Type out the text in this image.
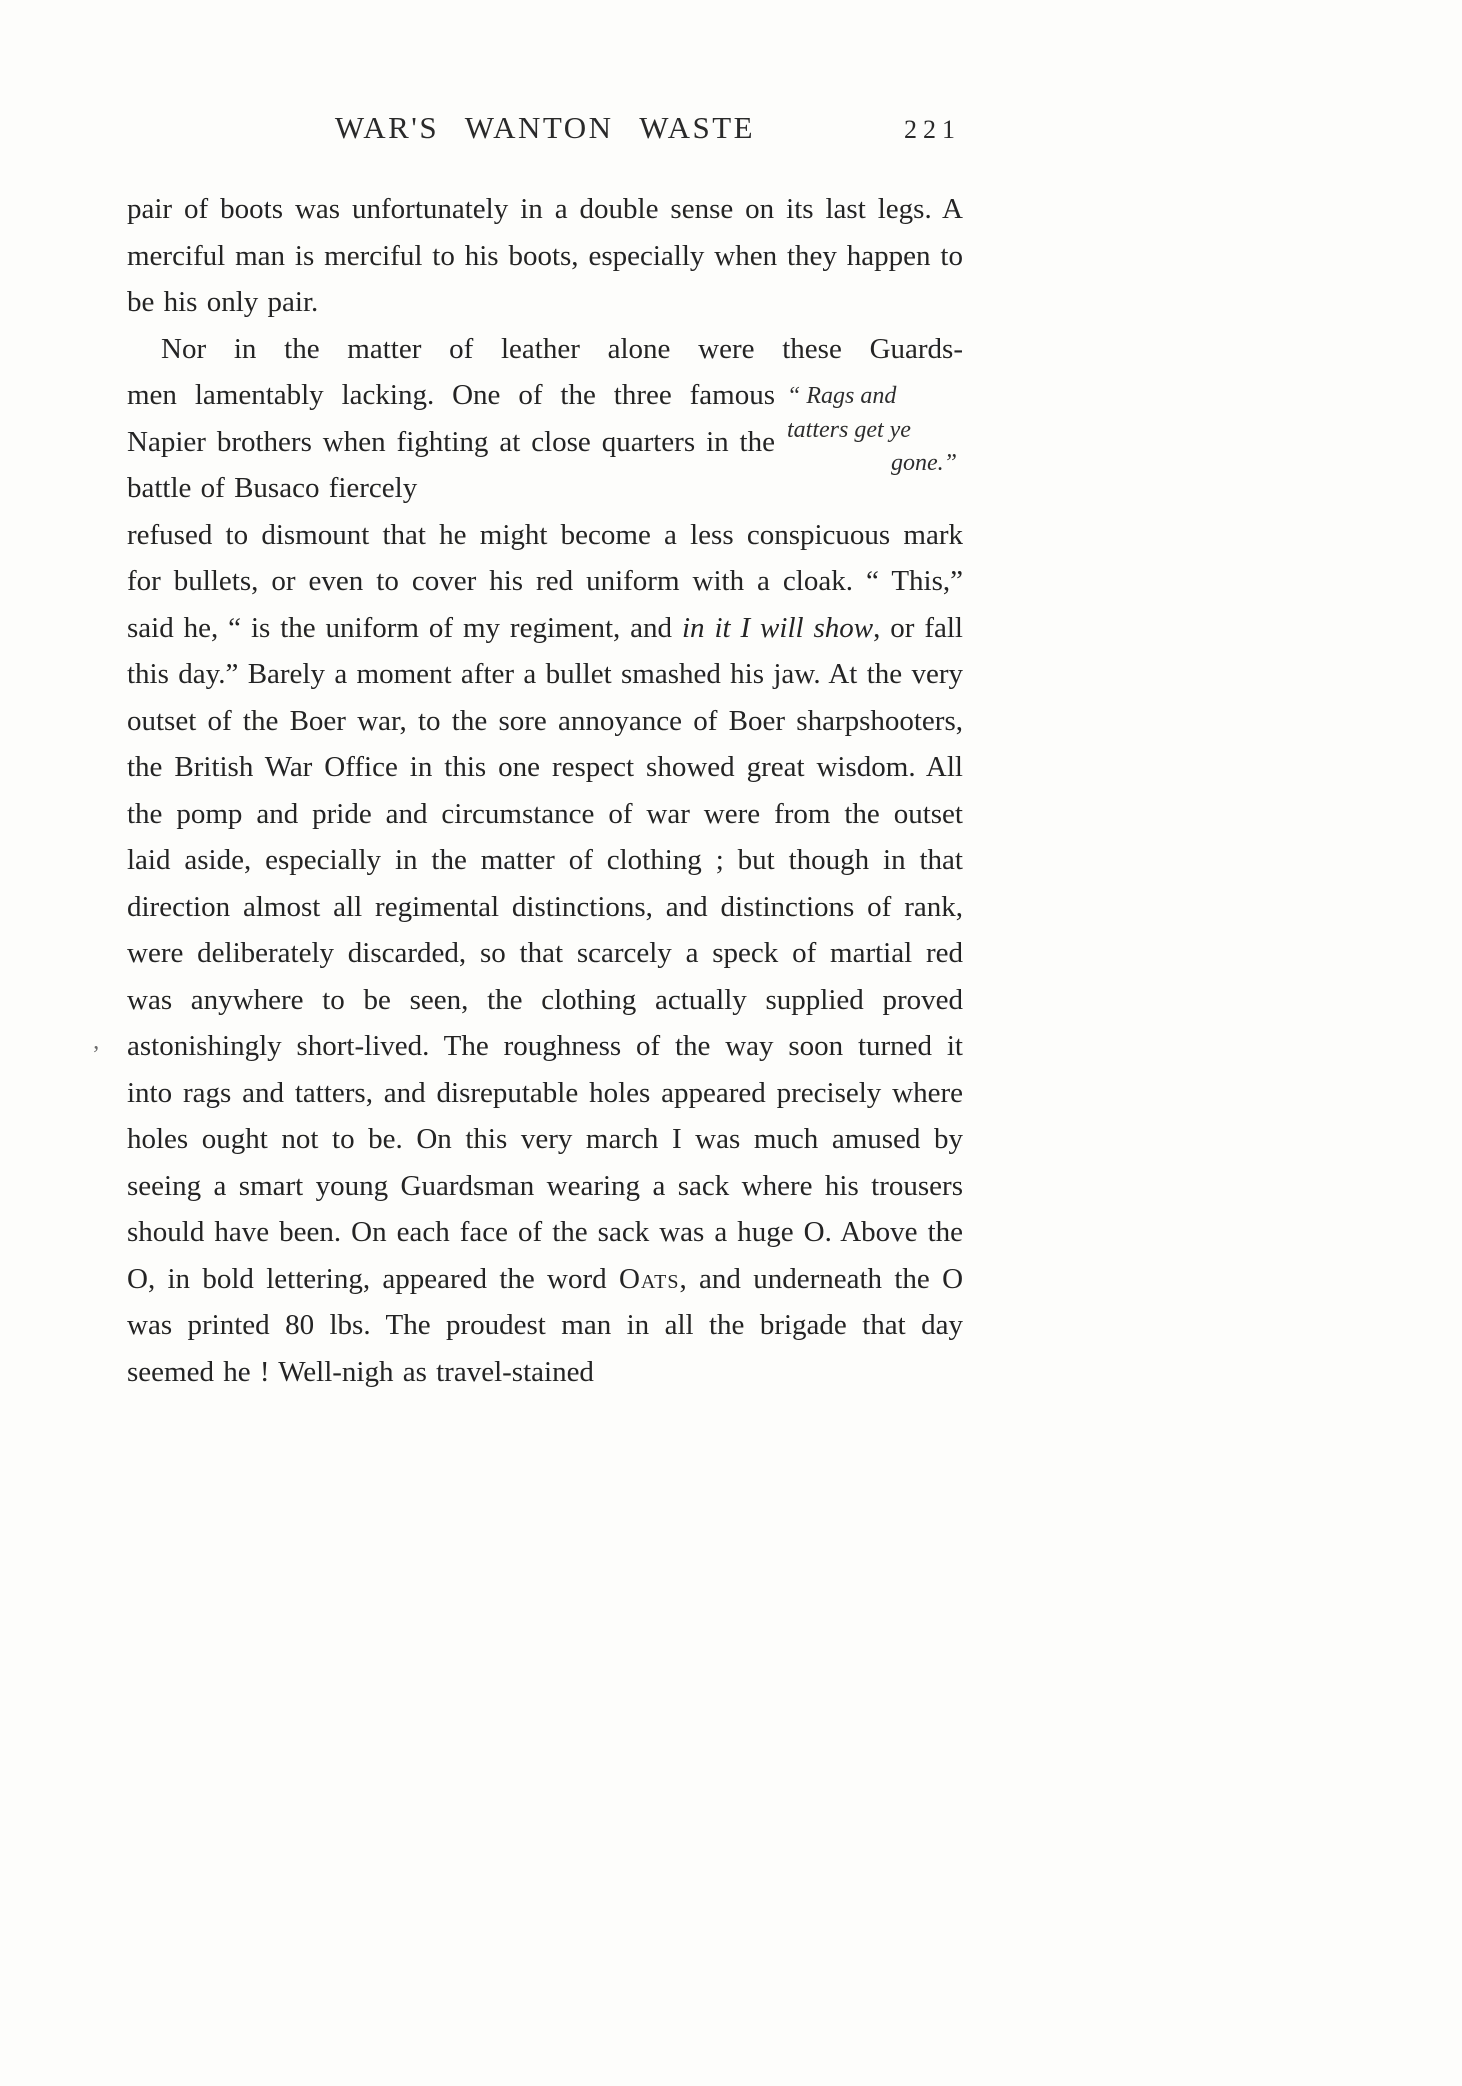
’
WAR'S WANTON WASTE	221

pair of boots was unfortunately in a double sense on its last legs. A merciful man is merciful to his boots, especially when they happen to be his only pair.

Nor in the matter of leather alone were these Guards-

men lamentably lacking. One of the three famous Napier brothers when fighting at close quarters in the battle of Busaco fiercely

“ Rags and
tatters get ye
gone.”

refused to dismount that he might become a less conspicuous mark for bullets, or even to cover his red uniform with a cloak. “ This,” said he, “ is the uniform of my regiment, and in it I will show, or fall this day.” Barely a moment after a bullet smashed his jaw. At the very outset of the Boer war, to the sore annoyance of Boer sharpshooters, the British War Office in this one respect showed great wisdom. All the pomp and pride and circumstance of war were from the outset laid aside, especially in the matter of clothing ; but though in that direction almost all regimental distinctions, and distinctions of rank, were deliberately discarded, so that scarcely a speck of martial red was anywhere to be seen, the clothing actually supplied proved astonishingly short-lived. The roughness of the way soon turned it into rags and tatters, and disreputable holes appeared precisely where holes ought not to be. On this very march I was much amused by seeing a smart young Guardsman wearing a sack where his trousers should have been. On each face of the sack was a huge O. Above the O, in bold lettering, appeared the word Oats, and underneath the O was printed 80 lbs. The proudest man in all the brigade that day seemed he ! Well-nigh as travel-stained
